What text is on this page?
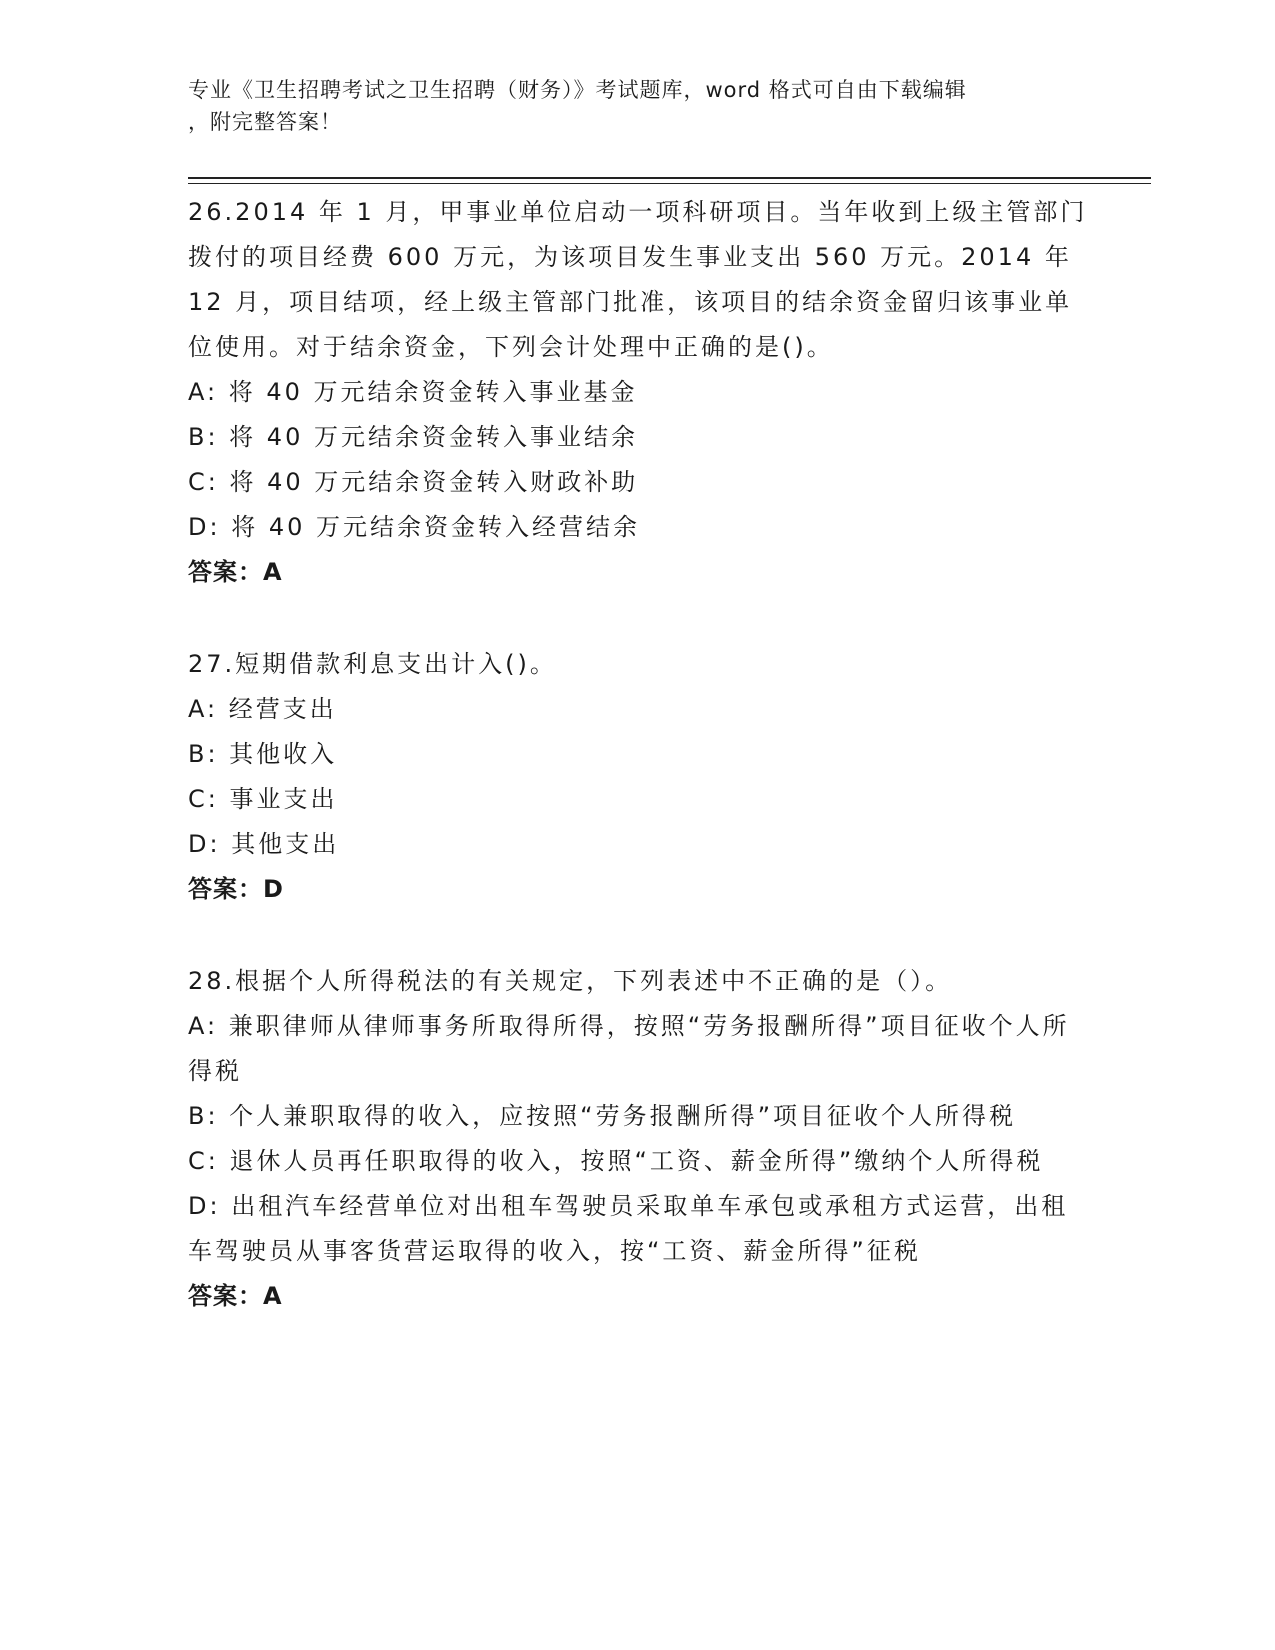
专业《卫生招聘考试之卫生招聘（财务）》考试题库，word 格式可自由下载编辑
，附完整答案！
26.2014 年 1 月，甲事业单位启动一项科研项目。当年收到上级主管部门拨付的项目经费 600 万元，为该项目发生事业支出 560 万元。2014 年 12 月，项目结项，经上级主管部门批准，该项目的结余资金留归该事业单位使用。对于结余资金，下列会计处理中正确的是()。
A: 将 40 万元结余资金转入事业基金
B: 将 40 万元结余资金转入事业结余
C: 将 40 万元结余资金转入财政补助
D: 将 40 万元结余资金转入经营结余
答案：A
27.短期借款利息支出计入()。
A: 经营支出
B: 其他收入
C: 事业支出
D: 其他支出
答案：D
28.根据个人所得税法的有关规定，下列表述中不正确的是（）。
A: 兼职律师从律师事务所取得所得，按照“劳务报酬所得”项目征收个人所得税
B: 个人兼职取得的收入，应按照“劳务报酬所得”项目征收个人所得税
C: 退休人员再任职取得的收入，按照“工资、薪金所得”缴纳个人所得税
D: 出租汽车经营单位对出租车驾驶员采取单车承包或承租方式运营，出租车驾驶员从事客货营运取得的收入，按“工资、薪金所得”征税
答案：A
